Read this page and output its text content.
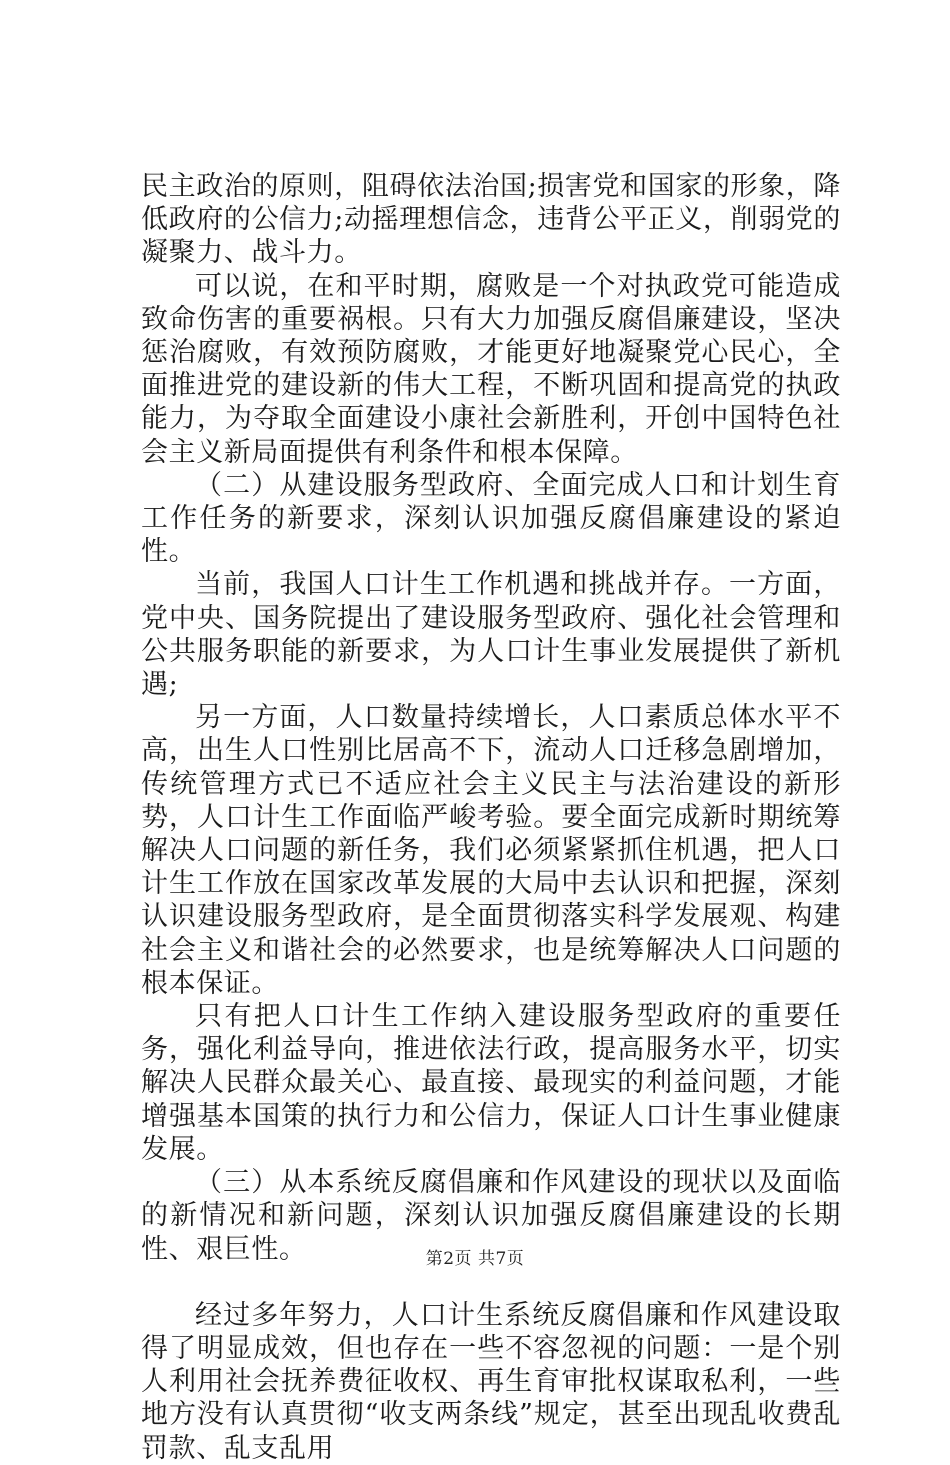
民主政治的原则，阻碍依法治国;损害党和国家的形象，降低政府的公信力;动摇理想信念，违背公平正义，削弱党的凝聚力、战斗力。

可以说，在和平时期，腐败是一个对执政党可能造成致命伤害的重要祸根。只有大力加强反腐倡廉建设，坚决惩治腐败，有效预防腐败，才能更好地凝聚党心民心，全面推进党的建设新的伟大工程，不断巩固和提高党的执政能力，为夺取全面建设小康社会新胜利，开创中国特色社会主义新局面提供有利条件和根本保障。

（二）从建设服务型政府、全面完成人口和计划生育工作任务的新要求，深刻认识加强反腐倡廉建设的紧迫性。

当前，我国人口计生工作机遇和挑战并存。一方面，党中央、国务院提出了建设服务型政府、强化社会管理和公共服务职能的新要求，为人口计生事业发展提供了新机遇;

另一方面，人口数量持续增长，人口素质总体水平不高，出生人口性别比居高不下，流动人口迁移急剧增加，传统管理方式已不适应社会主义民主与法治建设的新形势，人口计生工作面临严峻考验。要全面完成新时期统筹解决人口问题的新任务，我们必须紧紧抓住机遇，把人口计生工作放在国家改革发展的大局中去认识和把握，深刻认识建设服务型政府，是全面贯彻落实科学发展观、构建社会主义和谐社会的必然要求，也是统筹解决人口问题的根本保证。

只有把人口计生工作纳入建设服务型政府的重要任务，强化利益导向，推进依法行政，提高服务水平，切实解决人民群众最关心、最直接、最现实的利益问题，才能增强基本国策的执行力和公信力，保证人口计生事业健康发展。

（三）从本系统反腐倡廉和作风建设的现状以及面临的新情况和新问题，深刻认识加强反腐倡廉建设的长期性、艰巨性。

经过多年努力，人口计生系统反腐倡廉和作风建设取得了明显成效，但也存在一些不容忽视的问题：一是个别人利用社会抚养费征收权、再生育审批权谋取私利，一些地方没有认真贯彻“收支两条线”规定，甚至出现乱收费乱罚款、乱支乱用

第2页 共7页
